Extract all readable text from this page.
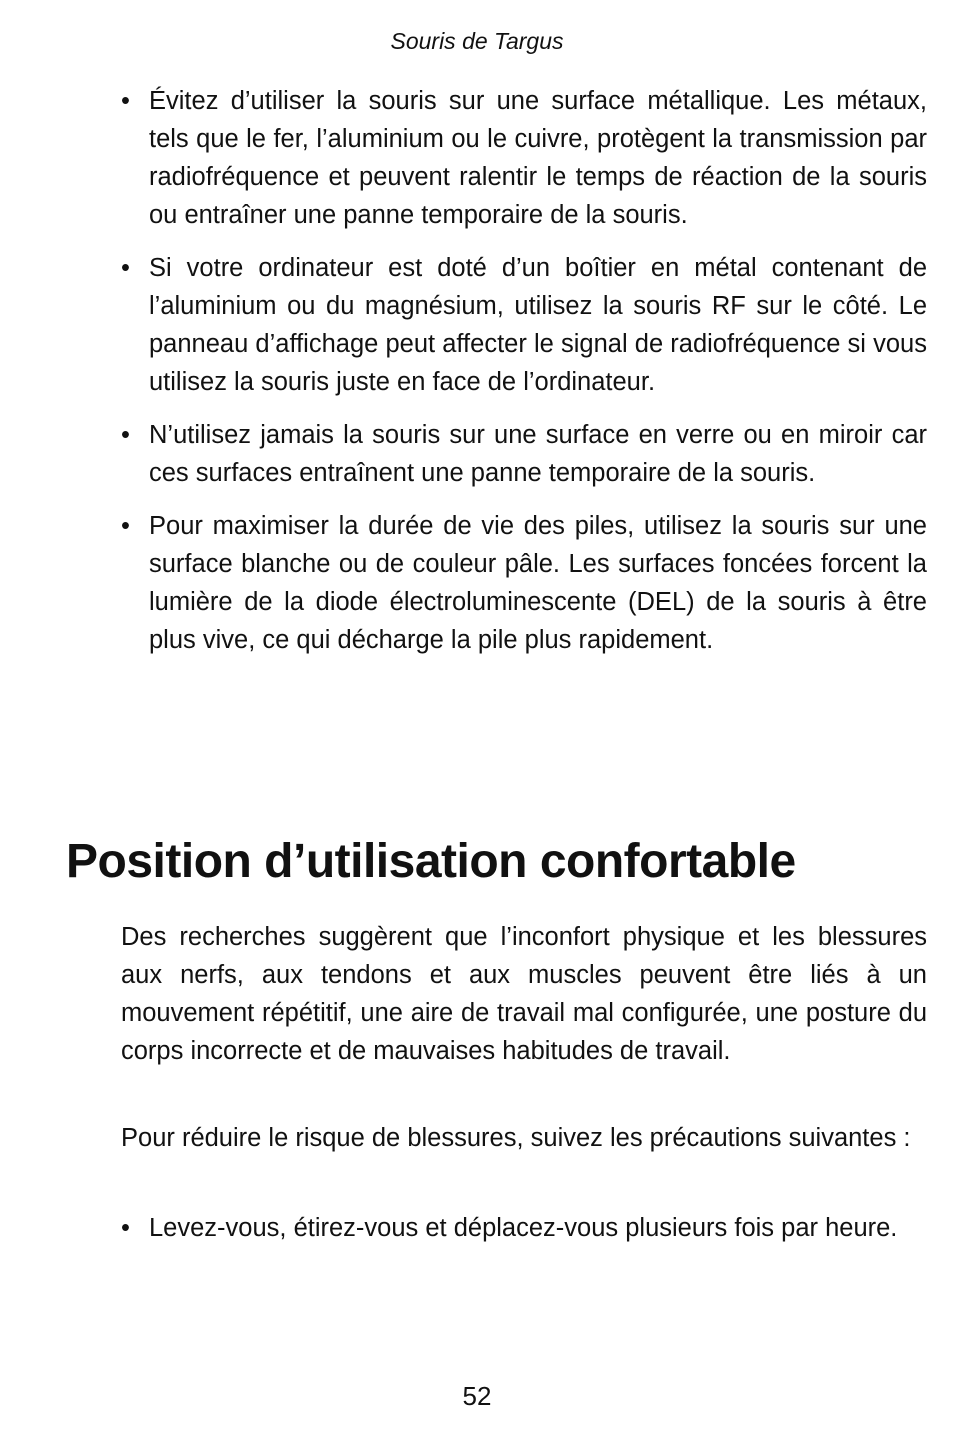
Souris de Targus
• Évitez d’utiliser la souris sur une surface métallique. Les métaux, tels que le fer, l’aluminium ou le cuivre, protègent la transmission par radiofréquence et peuvent ralentir le temps de réaction de la souris ou entraîner une panne temporaire de la souris.
• Si votre ordinateur est doté d’un boîtier en métal contenant de l’aluminium ou du magnésium, utilisez la souris RF sur le côté. Le panneau d’affichage peut affecter le signal de radiofréquence si vous utilisez la souris juste en face de l’ordinateur.
• N’utilisez jamais la souris sur une surface en verre ou en miroir car ces surfaces entraînent une panne temporaire de la souris.
• Pour maximiser la durée de vie des piles, utilisez la souris sur une surface blanche ou de couleur pâle. Les surfaces foncées forcent la lumière de la diode électroluminescente (DEL) de la souris à être plus vive, ce qui décharge la pile plus rapidement.
Position d’utilisation confortable

Des recherches suggèrent que l’inconfort physique et les blessures aux nerfs, aux tendons et aux muscles peuvent être liés à un mouvement répétitif, une aire de travail mal configurée, une posture du corps incorrecte et de mauvaises habitudes de travail.

Pour réduire le risque de blessures, suivez les précautions suivantes :

• Levez-vous, étirez-vous et déplacez-vous plusieurs fois par heure.
52
